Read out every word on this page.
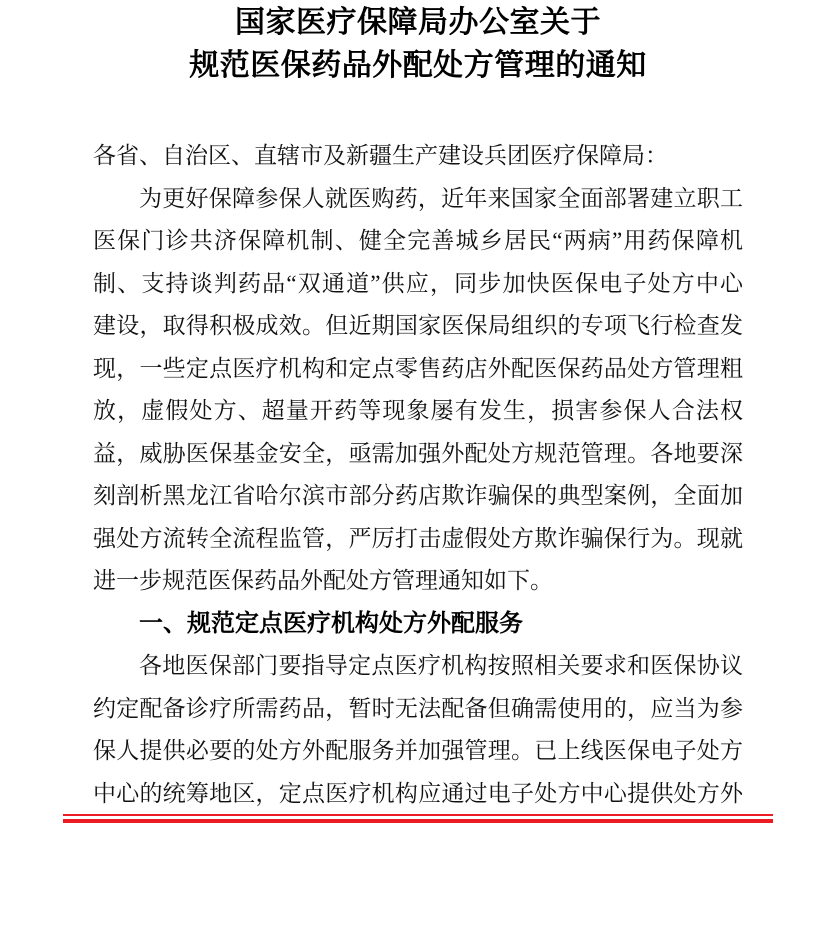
国家医疗保障局办公室关于
规范医保药品外配处方管理的通知
各省、自治区、直辖市及新疆生产建设兵团医疗保障局：
为更好保障参保人就医购药，近年来国家全面部署建立职工
医保门诊共济保障机制、健全完善城乡居民“两病”用药保障机
制、支持谈判药品“双通道”供应，同步加快医保电子处方中心
建设，取得积极成效。但近期国家医保局组织的专项飞行检查发
现，一些定点医疗机构和定点零售药店外配医保药品处方管理粗
放，虚假处方、超量开药等现象屡有发生，损害参保人合法权
益，威胁医保基金安全，亟需加强外配处方规范管理。各地要深
刻剖析黑龙江省哈尔滨市部分药店欺诈骗保的典型案例，全面加
强处方流转全流程监管，严厉打击虚假处方欺诈骗保行为。现就
进一步规范医保药品外配处方管理通知如下。
一、规范定点医疗机构处方外配服务
各地医保部门要指导定点医疗机构按照相关要求和医保协议
约定配备诊疗所需药品，暂时无法配备但确需使用的，应当为参
保人提供必要的处方外配服务并加强管理。已上线医保电子处方
中心的统筹地区，定点医疗机构应通过电子处方中心提供处方外
